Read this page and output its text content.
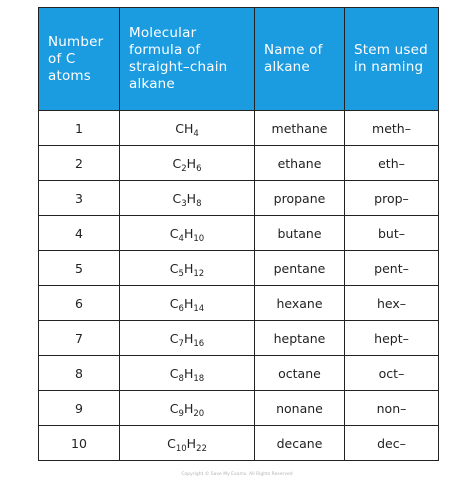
Number of C atoms	Molecular formula of straight–chain alkane	Name of alkane	Stem used in naming
1	$CH_4$	methane	meth–
2	$C_2H_6$	ethane	eth–
3	$C_3H_8$	propane	prop–
4	$C_4H_{10}$	butane	but–
5	$C_5H_{12}$	pentane	pent–
6	$C_6H_{14}$	hexane	hex–
7	$C_7H_{16}$	heptane	hept–
8	$C_8H_{18}$	octane	oct–
9	$C_9H_{20}$	nonane	non–
10	$C_{10}H_{22}$	decane	dec–
Copyright © Save My Exams. All Rights Reserved
